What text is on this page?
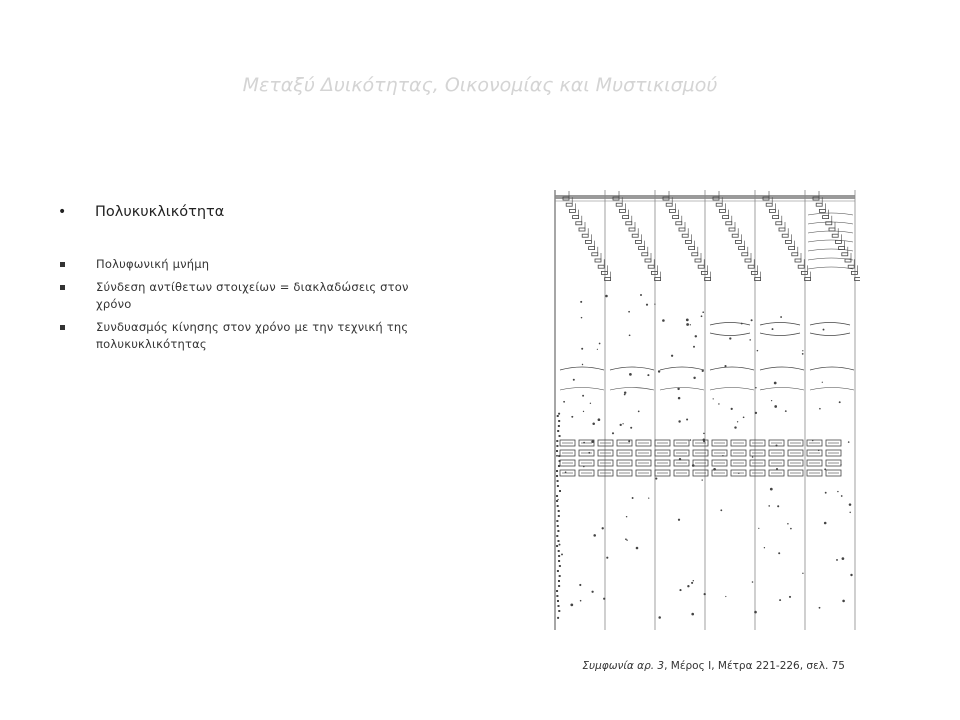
Μεταξύ Δυικότητας, Οικονομίας και Μυστικισμού
•	Πολυκυκλικότητα
Πολυφωνική μνήμη
Σύνδεση αντίθετων στοιχείων = διακλαδώσεις στον χρόνο
Συνδυασμός κίνησης στον χρόνο με την τεχνική της πολυκυκλικότητας
Συμφωνία αρ. 3, Μέρος Ι, Μέτρα 221-226, σελ. 75
